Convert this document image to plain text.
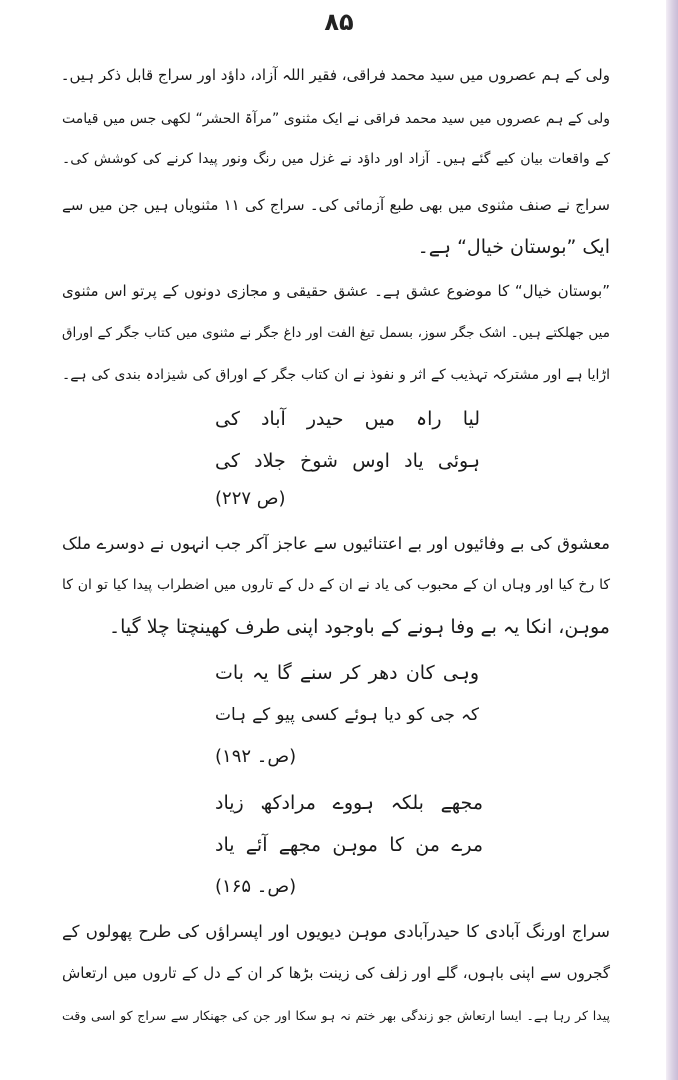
۸۵
ولی کے ہم عصروں میں سید محمد فراقی، فقیر اللہ آزاد، داؤد اور سراج قابل ذکر ہیں۔
ولی کے ہم عصروں میں سید محمد فراقی نے ایک مثنوی ”مرآۃ الحشر“ لکھی جس میں قیامت
کے واقعات بیان کیے گئے ہیں۔ آزاد اور داؤد نے غزل میں رنگ ونور پیدا کرنے کی کوشش کی۔
سراج نے صنف مثنوی میں بھی طبع آزمائی کی۔ سراج کی ۱۱ مثنویاں ہیں جن میں سے
ایک ”بوستان خیال“ ہے۔
”بوستان خیال“ کا موضوع عشق ہے۔ عشق حقیقی و مجازی دونوں کے پرتو اس مثنوی
میں جھلکتے ہیں۔ اشک جگر سوز، بسمل تیغ الفت اور داغ جگر نے مثنوی میں کتاب جگر کے اوراق
اڑایا ہے اور مشترکہ تہذیب کے اثر و نفوذ نے ان کتاب جگر کے اوراق کی شیزادہ بندی کی ہے۔
لیا راہ میں حیدر آباد کی
ہوئی یاد اوس شوخ جلاد کی
(ص ۲۲۷)
معشوق کی بے وفائیوں اور بے اعتنائیوں سے عاجز آکر جب انہوں نے دوسرے ملک
کا رخ کیا اور وہاں ان کے محبوب کی یاد نے ان کے دل کے تاروں میں اضطراب پیدا کیا تو ان کا
موہن، انکا یہ بے وفا ہونے کے باوجود اپنی طرف کھینچتا چلا گیا۔
وہی کان دھر کر سنے گا یہ بات
کہ جی کو دیا ہوئے کسی پیو کے ہات
(ص۔ ۱۹۲)
مجھے بلکہ ہووے مرادکھ زیاد
مرے من کا موہن مجھے آئے یاد
(ص۔ ۱۶۵)
سراج اورنگ آبادی کا حیدرآبادی موہن دیویوں اور اپسراؤں کی طرح پھولوں کے
گجروں سے اپنی باہوں، گلے اور زلف کی زینت بڑھا کر ان کے دل کے تاروں میں ارتعاش
پیدا کر رہا ہے۔ ایسا ارتعاش جو زندگی بھر ختم نہ ہو سکا اور جن کی جھنکار سے سراج کو اسی وقت
